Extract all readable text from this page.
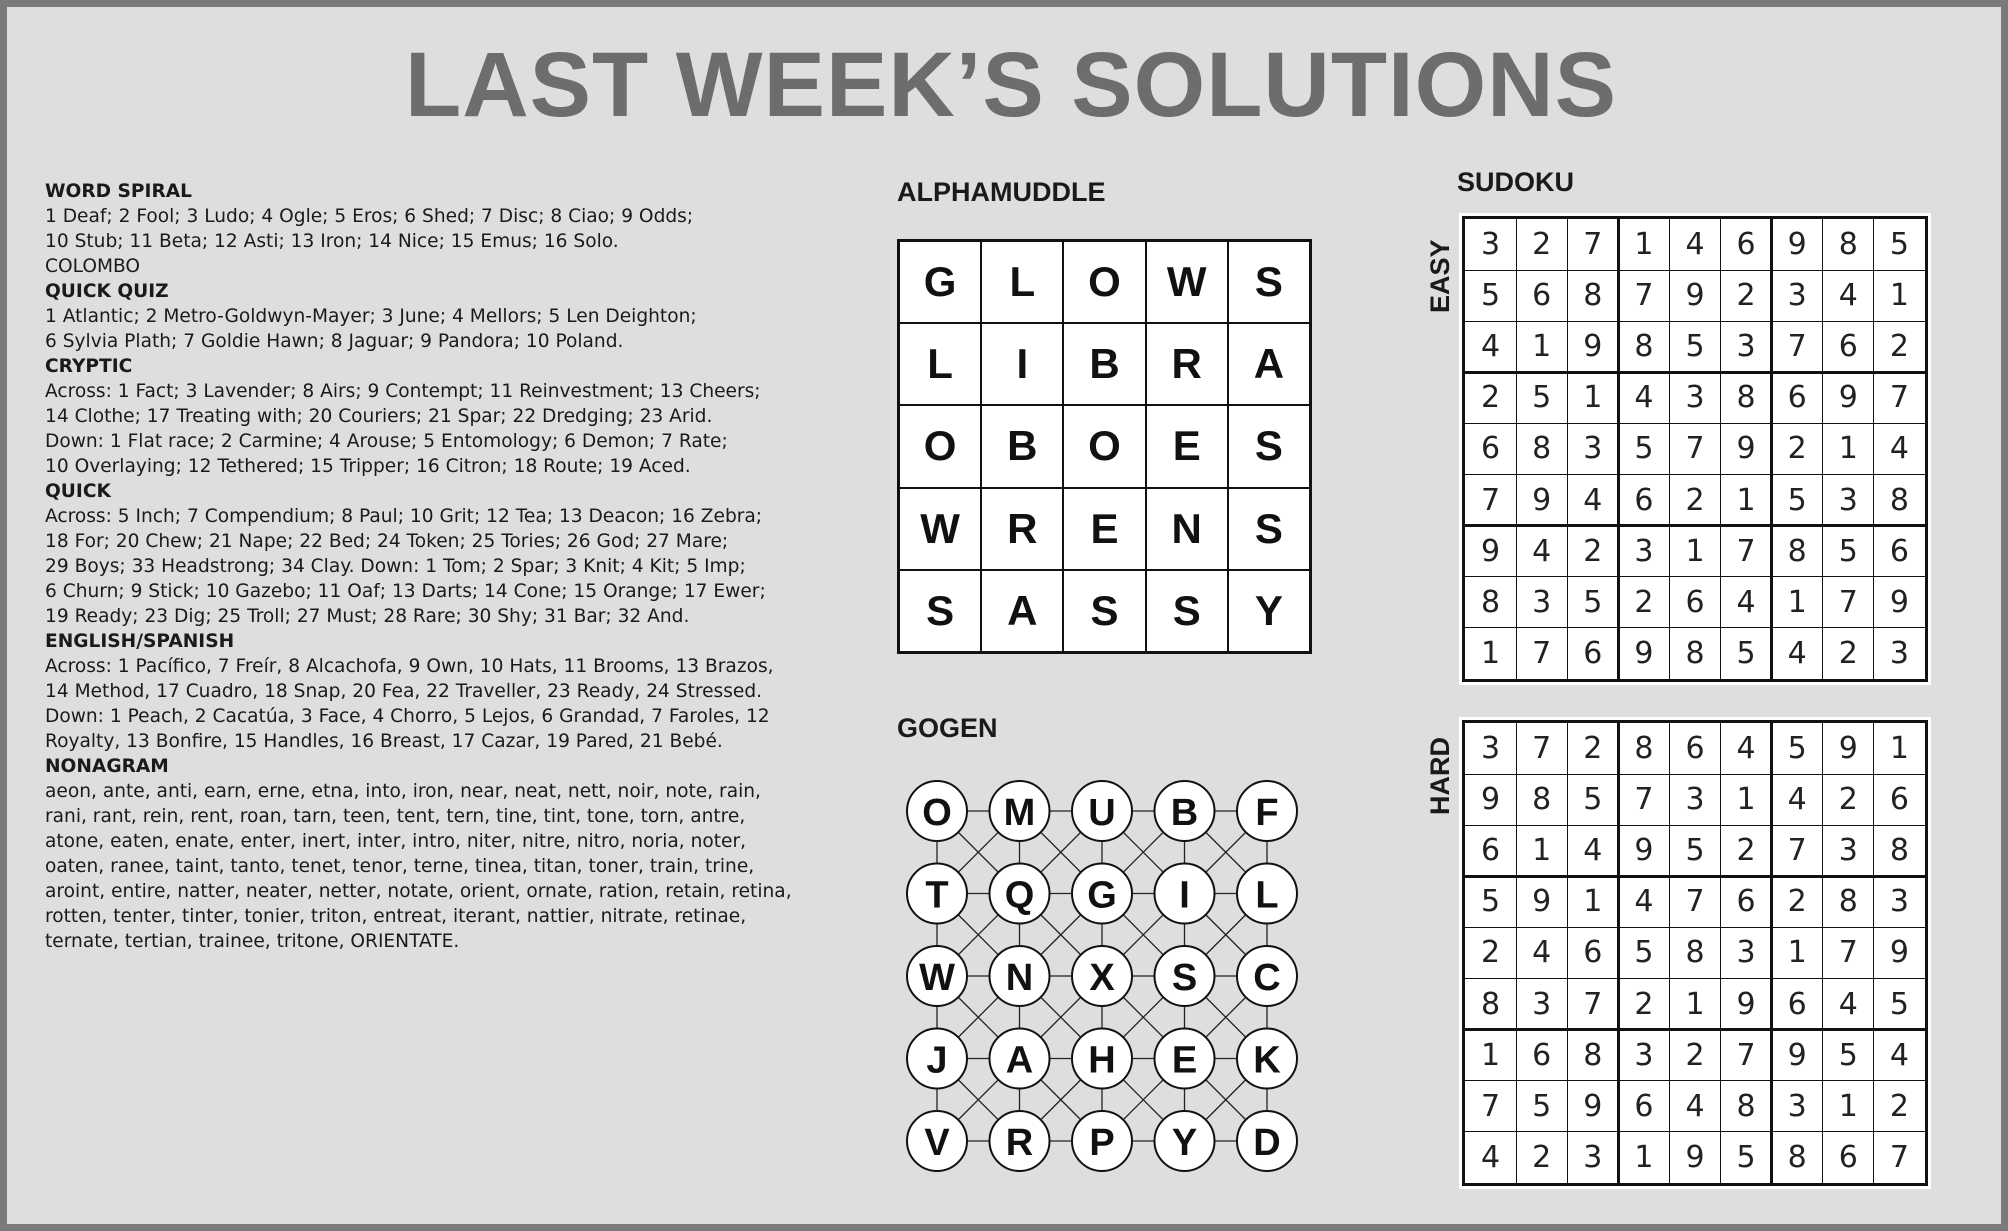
LAST WEEK’S SOLUTIONS
WORD SPIRAL
1 Deaf; 2 Fool; 3 Ludo; 4 Ogle; 5 Eros; 6 Shed; 7 Disc; 8 Ciao; 9 Odds;
10 Stub; 11 Beta; 12 Asti; 13 Iron; 14 Nice; 15 Emus; 16 Solo.
COLOMBO
QUICK QUIZ
1 Atlantic; 2 Metro-Goldwyn-Mayer; 3 June; 4 Mellors; 5 Len Deighton;
6 Sylvia Plath; 7 Goldie Hawn; 8 Jaguar; 9 Pandora; 10 Poland.
CRYPTIC
Across: 1 Fact; 3 Lavender; 8 Airs; 9 Contempt; 11 Reinvestment; 13 Cheers;
14 Clothe; 17 Treating with; 20 Couriers; 21 Spar; 22 Dredging; 23 Arid.
Down: 1 Flat race; 2 Carmine; 4 Arouse; 5 Entomology; 6 Demon; 7 Rate;
10 Overlaying; 12 Tethered; 15 Tripper; 16 Citron; 18 Route; 19 Aced.
QUICK
Across: 5 Inch; 7 Compendium; 8 Paul; 10 Grit; 12 Tea; 13 Deacon; 16 Zebra;
18 For; 20 Chew; 21 Nape; 22 Bed; 24 Token; 25 Tories; 26 God; 27 Mare;
29 Boys; 33 Headstrong; 34 Clay. Down: 1 Tom; 2 Spar; 3 Knit; 4 Kit; 5 Imp;
6 Churn; 9 Stick; 10 Gazebo; 11 Oaf; 13 Darts; 14 Cone; 15 Orange; 17 Ewer;
19 Ready; 23 Dig; 25 Troll; 27 Must; 28 Rare; 30 Shy; 31 Bar; 32 And.
ENGLISH/SPANISH
Across: 1 Pacífico, 7 Freír, 8 Alcachofa, 9 Own, 10 Hats, 11 Brooms, 13 Brazos,
14 Method, 17 Cuadro, 18 Snap, 20 Fea, 22 Traveller, 23 Ready, 24 Stressed.
Down: 1 Peach, 2 Cacatúa, 3 Face, 4 Chorro, 5 Lejos, 6 Grandad, 7 Faroles, 12
Royalty, 13 Bonfire, 15 Handles, 16 Breast, 17 Cazar, 19 Pared, 21 Bebé.
NONAGRAM
aeon, ante, anti, earn, erne, etna, into, iron, near, neat, nett, noir, note, rain,
rani, rant, rein, rent, roan, tarn, teen, tent, tern, tine, tint, tone, torn, antre,
atone, eaten, enate, enter, inert, inter, intro, niter, nitre, nitro, noria, noter,
oaten, ranee, taint, tanto, tenet, tenor, terne, tinea, titan, toner, train, trine,
aroint, entire, natter, neater, netter, notate, orient, ornate, ration, retain, retina,
rotten, tenter, tinter, tonier, triton, entreat, iterant, nattier, nitrate, retinae,
ternate, tertian, trainee, tritone, ORIENTATE.
ALPHAMUDDLE
G	L	O	W	S
L	I	B	R	A
O	B	O	E	S
W	R	E	N	S
S	A	S	S	Y
GOGEN
O M U B F
T Q G I L
W N X S C
J A H E K
V R P Y D
SUDOKU
EASY 3	2	7	1	4	6	9	8	5
5	6	8	7	9	2	3	4	1
4	1	9	8	5	3	7	6	2
2	5	1	4	3	8	6	9	7
6	8	3	5	7	9	2	1	4
7	9	4	6	2	1	5	3	8
9	4	2	3	1	7	8	5	6
8	3	5	2	6	4	1	7	9
1	7	6	9	8	5	4	2	3
HARD 3	7	2	8	6	4	5	9	1
9	8	5	7	3	1	4	2	6
6	1	4	9	5	2	7	3	8
5	9	1	4	7	6	2	8	3
2	4	6	5	8	3	1	7	9
8	3	7	2	1	9	6	4	5
1	6	8	3	2	7	9	5	4
7	5	9	6	4	8	3	1	2
4	2	3	1	9	5	8	6	7
